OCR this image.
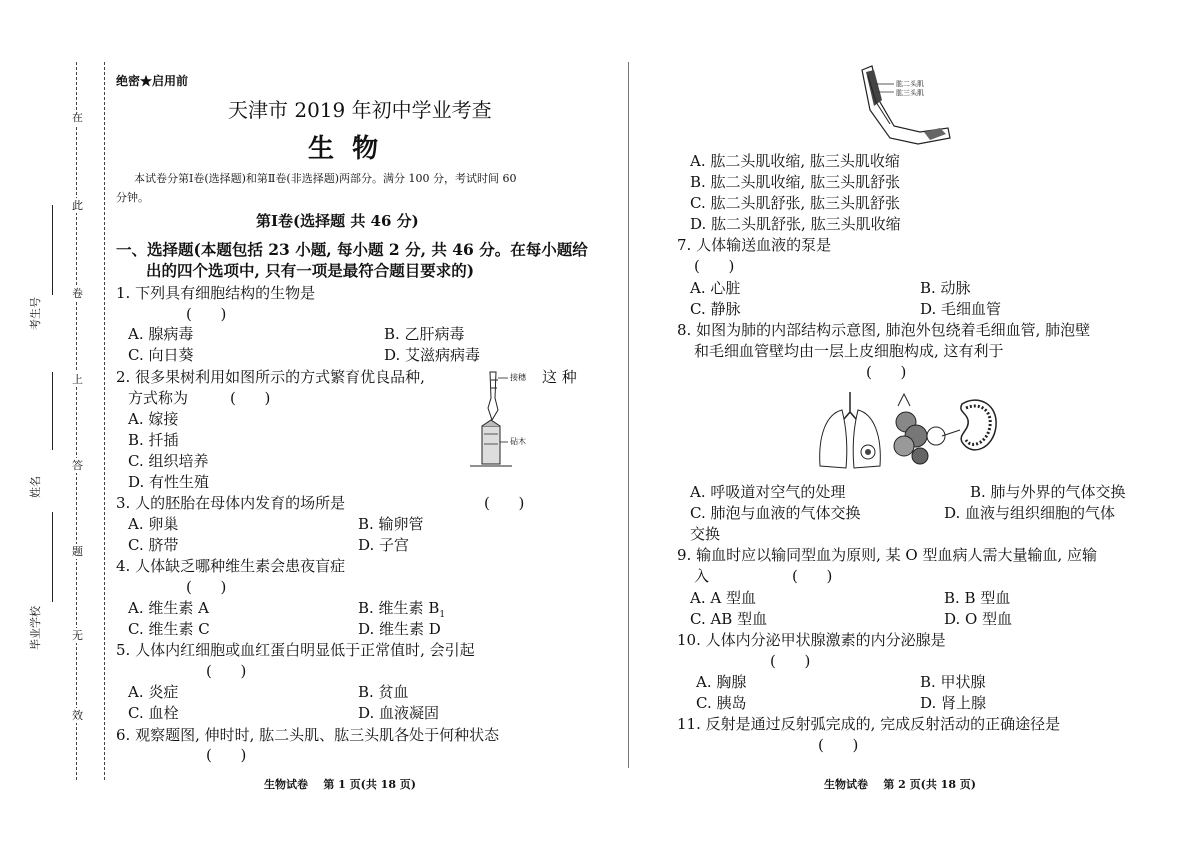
在
此
卷
上
答
题
无
效
考生号
姓名
毕业学校
绝密★启用前
天津市 2019 年初中学业考查
生  物
本试卷分第Ⅰ卷(选择题)和第Ⅱ卷(非选择题)两部分。满分 100 分，考试时间 60
分钟。
第Ⅰ卷(选择题 共 46 分)
一、选择题(本题包括 23 小题, 每小题 2 分, 共 46 分。在每小题给
出的四个选项中, 只有一项是最符合题目要求的)
1. 下列具有细胞结构的生物是
(      )
A. 腺病毒	B. 乙肝病毒
C. 向日葵	D. 艾滋病病毒
2. 很多果树利用如图所示的方式繁育优良品种,	这 种
方式称为	(      )
A. 嫁接
B. 扦插
C. 组织培养
D. 有性生殖
接穗
砧木
3. 人的胚胎在母体内发育的场所是	(      )
A. 卵巢	B. 输卵管
C. 脐带	D. 子宫
4. 人体缺乏哪种维生素会患夜盲症
(      )
A. 维生素 A	B. 维生素 $B_1$
C. 维生素 C	D. 维生素 D
5. 人体内红细胞或血红蛋白明显低于正常值时, 会引起
(      )
A. 炎症	B. 贫血
C. 血栓	D. 血液凝固
6. 观察题图, 伸时时, 肱二头肌、肱三头肌各处于何种状态
(      )
生物试卷    第 1 页(共 18 页)
肱二头肌
肱三头肌
A. 肱二头肌收缩, 肱三头肌收缩
B. 肱二头肌收缩, 肱三头肌舒张
C. 肱二头肌舒张, 肱三头肌舒张
D. 肱二头肌舒张, 肱三头肌收缩
7. 人体输送血液的泵是
(      )
A. 心脏	B. 动脉
C. 静脉	D. 毛细血管
8. 如图为肺的内部结构示意图, 肺泡外包绕着毛细血管, 肺泡壁
和毛细血管壁均由一层上皮细胞构成, 这有利于
(      )
A. 呼吸道对空气的处理	B. 肺与外界的气体交换
C. 肺泡与血液的气体交换	D. 血液与组织细胞的气体
交换
9. 输血时应以输同型血为原则, 某 O 型血病人需大量输血, 应输
入	(      )
A. A 型血	B. B 型血
C. AB 型血	D. O 型血
10. 人体内分泌甲状腺激素的内分泌腺是
(      )
A. 胸腺	B. 甲状腺
C. 胰岛	D. 肾上腺
11. 反射是通过反射弧完成的, 完成反射活动的正确途径是
(      )
生物试卷    第 2 页(共 18 页)
